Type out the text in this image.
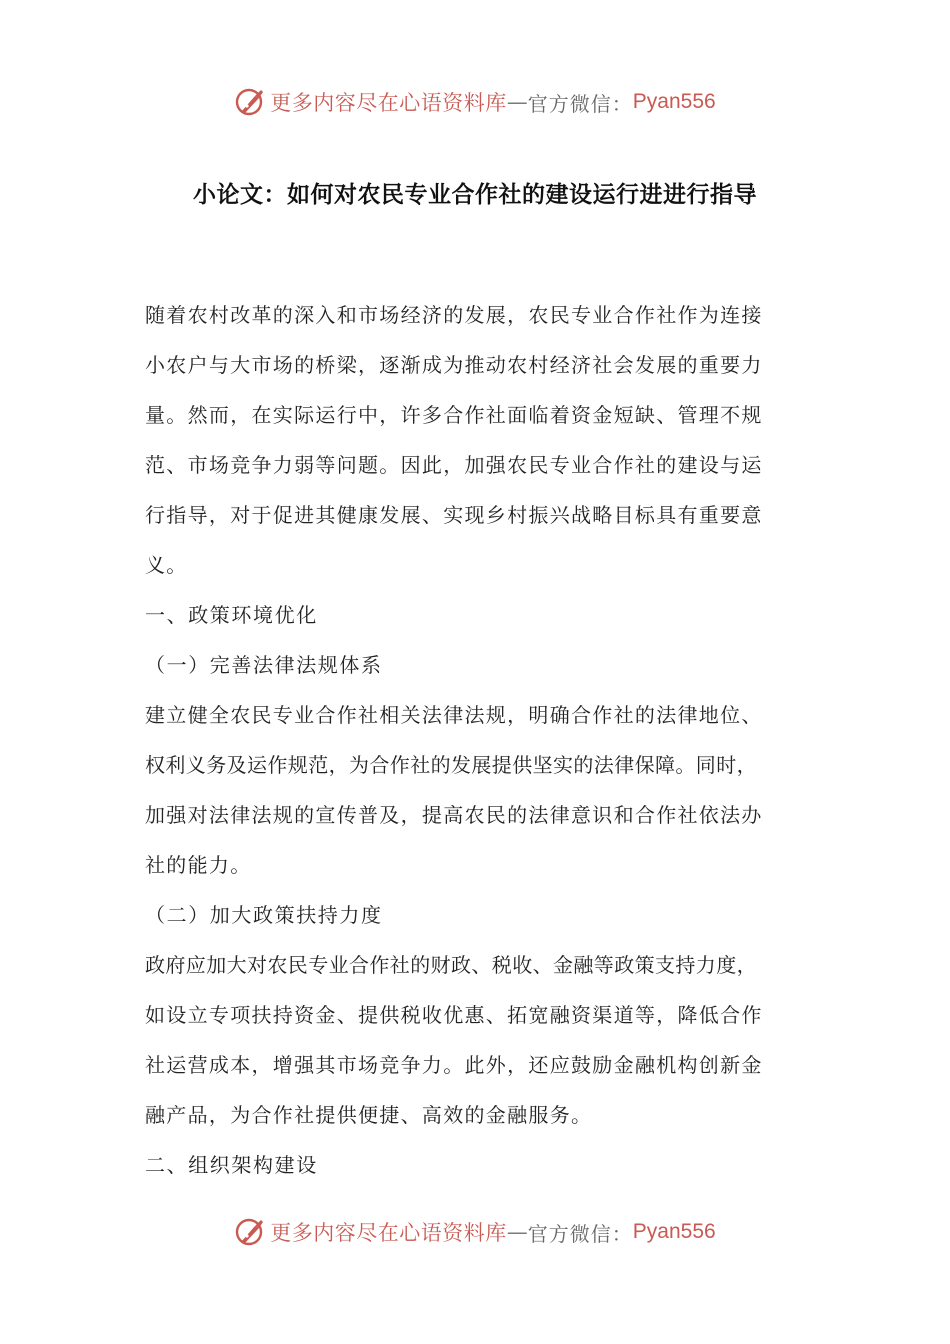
更多内容尽在心语资料库 — 官方微信： Pyan556
小论文：如何对农民专业合作社的建设运行进进行指导
随着农村改革的深入和市场经济的发展，农民专业合作社作为连接
小农户与大市场的桥梁，逐渐成为推动农村经济社会发展的重要力
量。然而，在实际运行中，许多合作社面临着资金短缺、管理不规
范、市场竞争力弱等问题。因此，加强农民专业合作社的建设与运
行指导，对于促进其健康发展、实现乡村振兴战略目标具有重要意
义。
一、政策环境优化
（一）完善法律法规体系
建立健全农民专业合作社相关法律法规，明确合作社的法律地位、
权利义务及运作规范，为合作社的发展提供坚实的法律保障。同时，
加强对法律法规的宣传普及，提高农民的法律意识和合作社依法办
社的能力。
（二）加大政策扶持力度
政府应加大对农民专业合作社的财政、税收、金融等政策支持力度，
如设立专项扶持资金、提供税收优惠、拓宽融资渠道等，降低合作
社运营成本，增强其市场竞争力。此外，还应鼓励金融机构创新金
融产品，为合作社提供便捷、高效的金融服务。
二、组织架构建设
更多内容尽在心语资料库 — 官方微信： Pyan556
